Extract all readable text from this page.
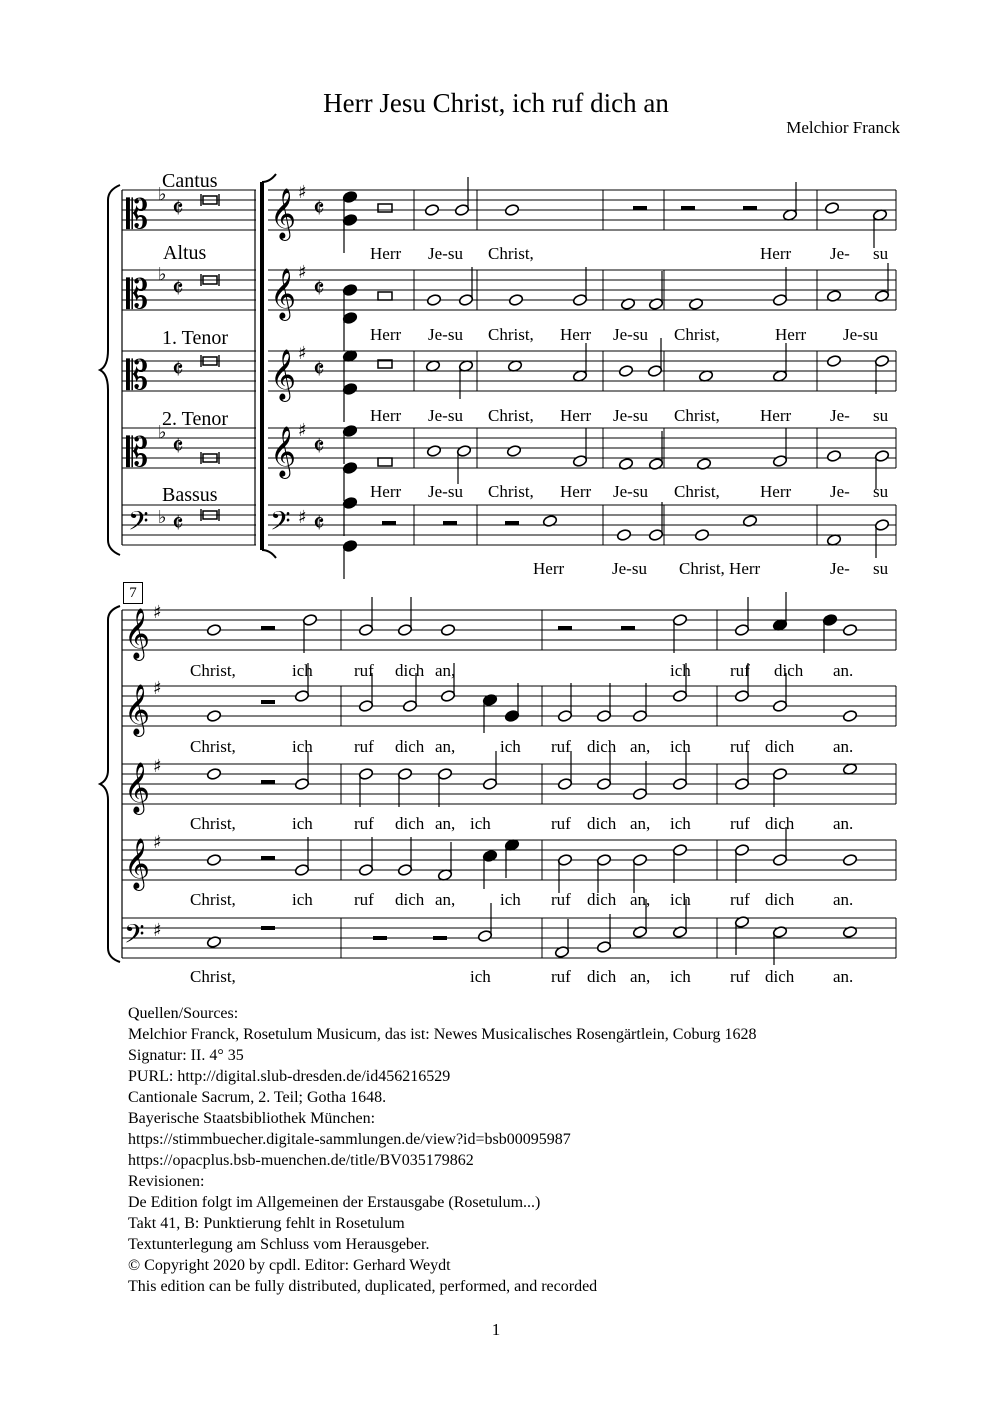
Herr Jesu Christ, ich ruf dich an
Melchior Franck
𝄡 ♭ 𝄵
𝄡 ♭ 𝄵
𝄡 𝄵
𝄡 ♭ 𝄵
𝄢 ♭ 𝄵
𝄞 ♯
𝄵
𝄞 ♯
𝄵
𝄞 ♯
𝄵
𝄞 ♯
𝄵
𝄢 ♯ 𝄵
𝄞 ♯
𝄞 ♯
𝄞 ♯
𝄞 ♯
𝄢 ♯
7
Cantus
Altus
1. Tenor
2. Tenor
Bassus
Herr Je-su Christ,	Herr Je- su
Herr Je-su Christ, Herr Je-su Christ,	Herr Je-su
Herr Je-su Christ, Herr Je-su Christ, Herr Je- su
Herr Je-su Christ, Herr Je-su Christ, Herr Je- su
Herr	Je-su Christ, Herr	Je- su
Christ,	ich ruf dich an,	ich ruf dich an.
Christ,	ich ruf dich an,	ich ruf dich an, ich ruf dich an.
Christ,	ich ruf dich an, ich	ruf dich an, ich ruf dich an.
Christ,	ich ruf dich an,	ich ruf dich an, ich ruf dich an.
Christ,	ich	ruf dich an, ich ruf dich an.
Quellen/Sources:
Melchior Franck, Rosetulum Musicum, das ist: Newes Musicalisches Rosengärtlein, Coburg 1628
Signatur: II. 4° 35
PURL: http://digital.slub-dresden.de/id456216529
Cantionale Sacrum, 2. Teil; Gotha 1648.
Bayerische Staatsbibliothek München:
https://stimmbuecher.digitale-sammlungen.de/view?id=bsb00095987
https://opacplus.bsb-muenchen.de/title/BV035179862
Revisionen:
De Edition folgt im Allgemeinen der Erstausgabe (Rosetulum...)
Takt 41, B: Punktierung fehlt in Rosetulum
Textunterlegung am Schluss vom Herausgeber.
© Copyright 2020 by cpdl. Editor: Gerhard Weydt
This edition can be fully distributed, duplicated, performed, and recorded
1
